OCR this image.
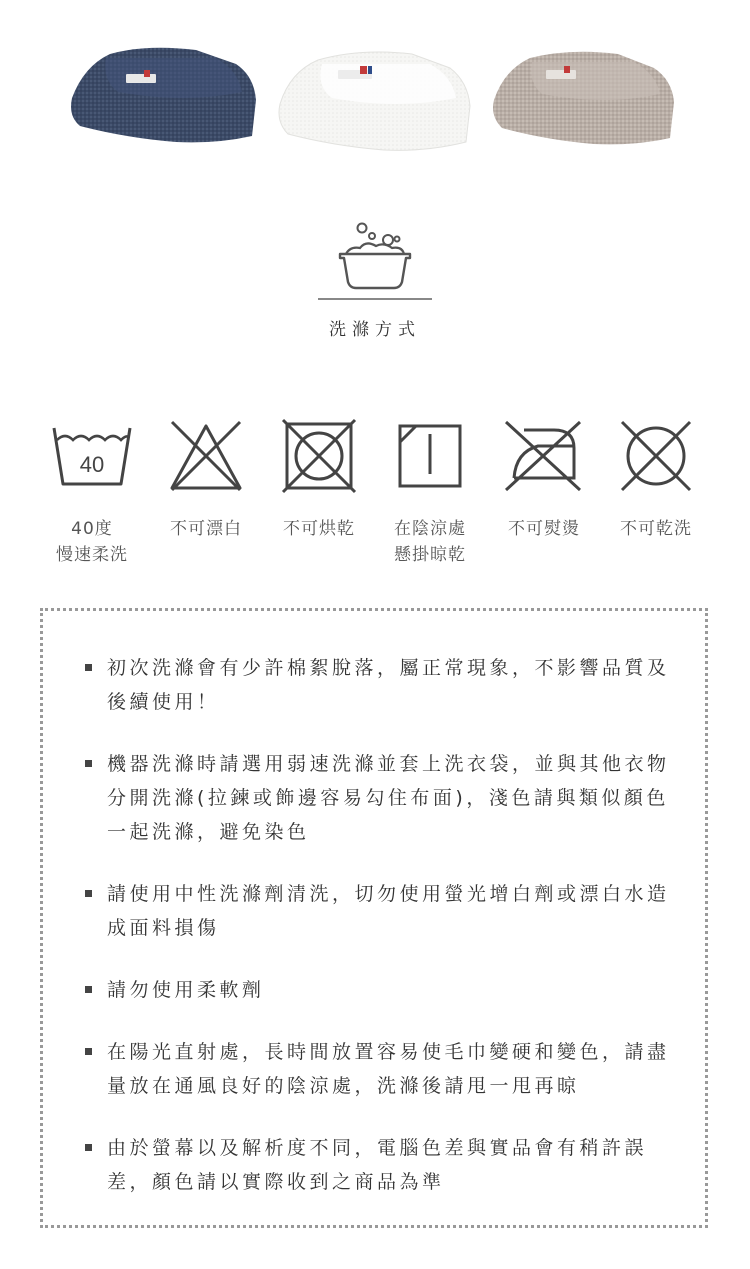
洗滌方式
40
40度
慢速柔洗
不可漂白	不可烘乾	在陰涼處
懸掛晾乾
不可熨燙	不可乾洗
初次洗滌會有少許棉絮脫落，屬正常現象，不影響品質及後續使用！
機器洗滌時請選用弱速洗滌並套上洗衣袋，並與其他衣物分開洗滌(拉鍊或飾邊容易勾住布面)，淺色請與類似顏色一起洗滌，避免染色
請使用中性洗滌劑清洗，切勿使用螢光增白劑或漂白水造成面料損傷
請勿使用柔軟劑
在陽光直射處，長時間放置容易使毛巾變硬和變色，請盡量放在通風良好的陰涼處，洗滌後請甩一甩再晾
由於螢幕以及解析度不同，電腦色差與實品會有稍許誤差，顏色請以實際收到之商品為準
